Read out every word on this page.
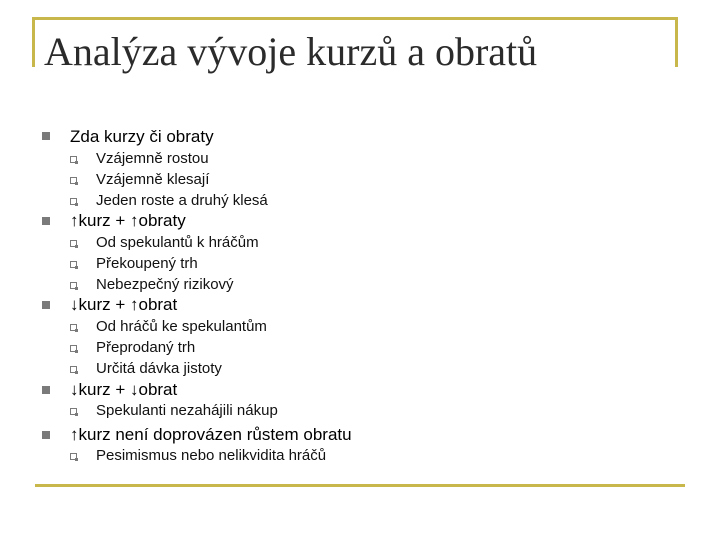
Analýza vývoje kurzů a obratů
Zda kurzy či obraty
Vzájemně rostou
Vzájemně klesají
Jeden roste a druhý klesá
↑kurz + ↑obraty
Od spekulantů k hráčům
Překoupený trh
Nebezpečný rizikový
↓kurz + ↑obrat
Od hráčů ke spekulantům
Přeprodaný trh
Určitá dávka jistoty
↓kurz + ↓obrat
Spekulanti nezahájili nákup
↑kurz není doprovázen růstem obratu
Pesimismus nebo nelikvidita hráčů
